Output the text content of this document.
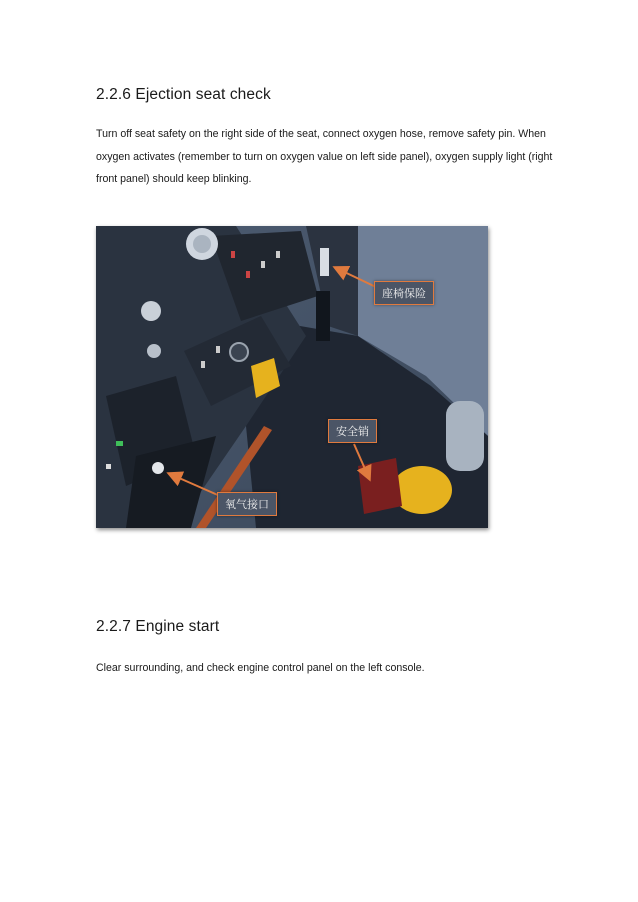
2.2.6 Ejection seat check

Turn off seat safety on the right side of the seat, connect oxygen hose, remove safety pin. When oxygen activates (remember to turn on oxygen value on left side panel), oxygen supply light (right front panel) should keep blinking.

座椅保险
安全销
氧气接口
2.2.7 Engine start

Clear surrounding, and check engine control panel on the left console.
